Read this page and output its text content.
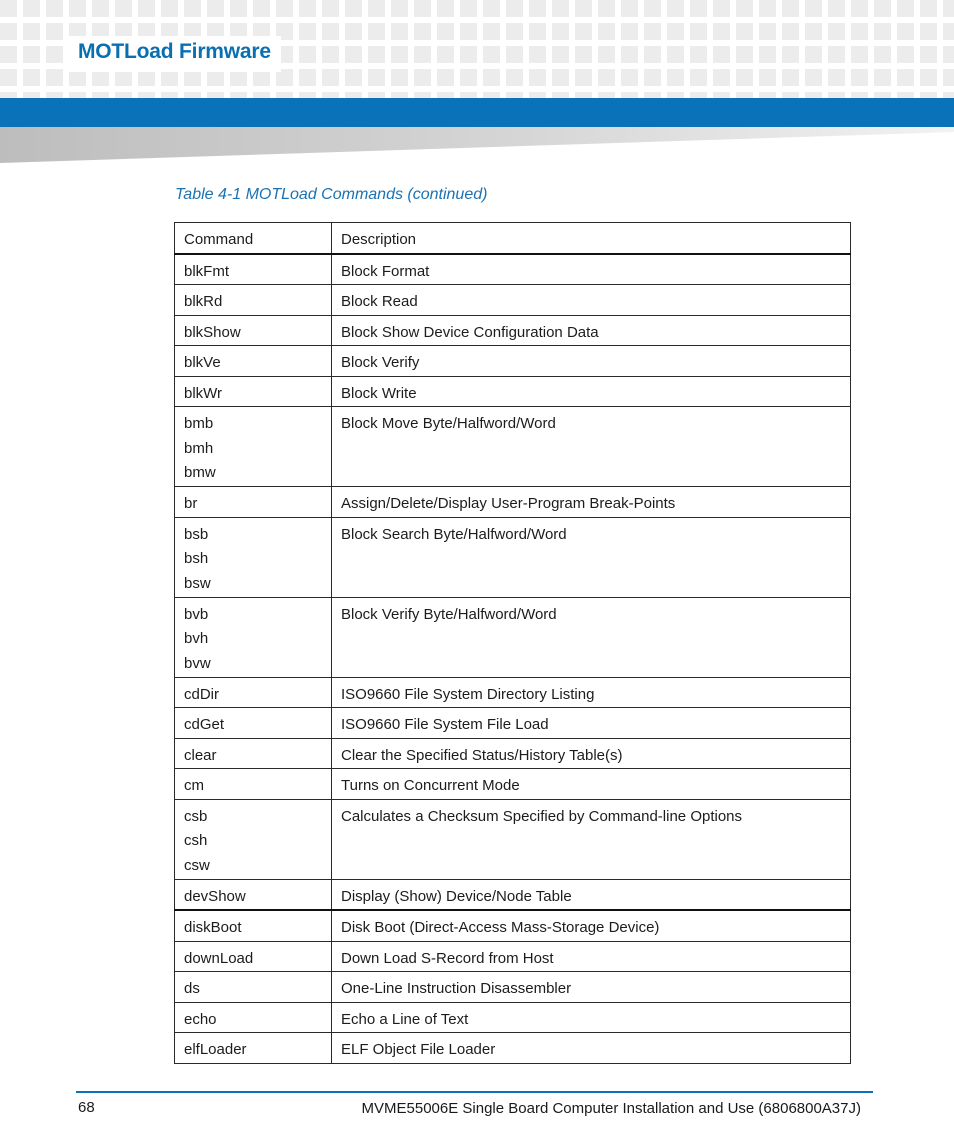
MOTLoad Firmware
Table 4-1 MOTLoad Commands (continued)
Command	Description

blkFmt	Block Format

blkRd	Block Read

blkShow	Block Show Device Configuration Data

blkVe	Block Verify

blkWr	Block Write

bmb
bmh
bmw	Block Move Byte/Halfword/Word

br	Assign/Delete/Display User-Program Break-Points

bsb
bsh
bsw	Block Search Byte/Halfword/Word

bvb
bvh
bvw	Block Verify Byte/Halfword/Word

cdDir	ISO9660 File System Directory Listing

cdGet	ISO9660 File System File Load

clear	Clear the Specified Status/History Table(s)

cm	Turns on Concurrent Mode

csb
csh
csw	Calculates a Checksum Specified by Command-line Options

devShow	Display (Show) Device/Node Table

diskBoot	Disk Boot (Direct-Access Mass-Storage Device)

downLoad	Down Load S-Record from Host

ds	One-Line Instruction Disassembler

echo	Echo a Line of Text

elfLoader	ELF Object File Loader
68	MVME55006E Single Board Computer Installation and Use (6806800A37J)
